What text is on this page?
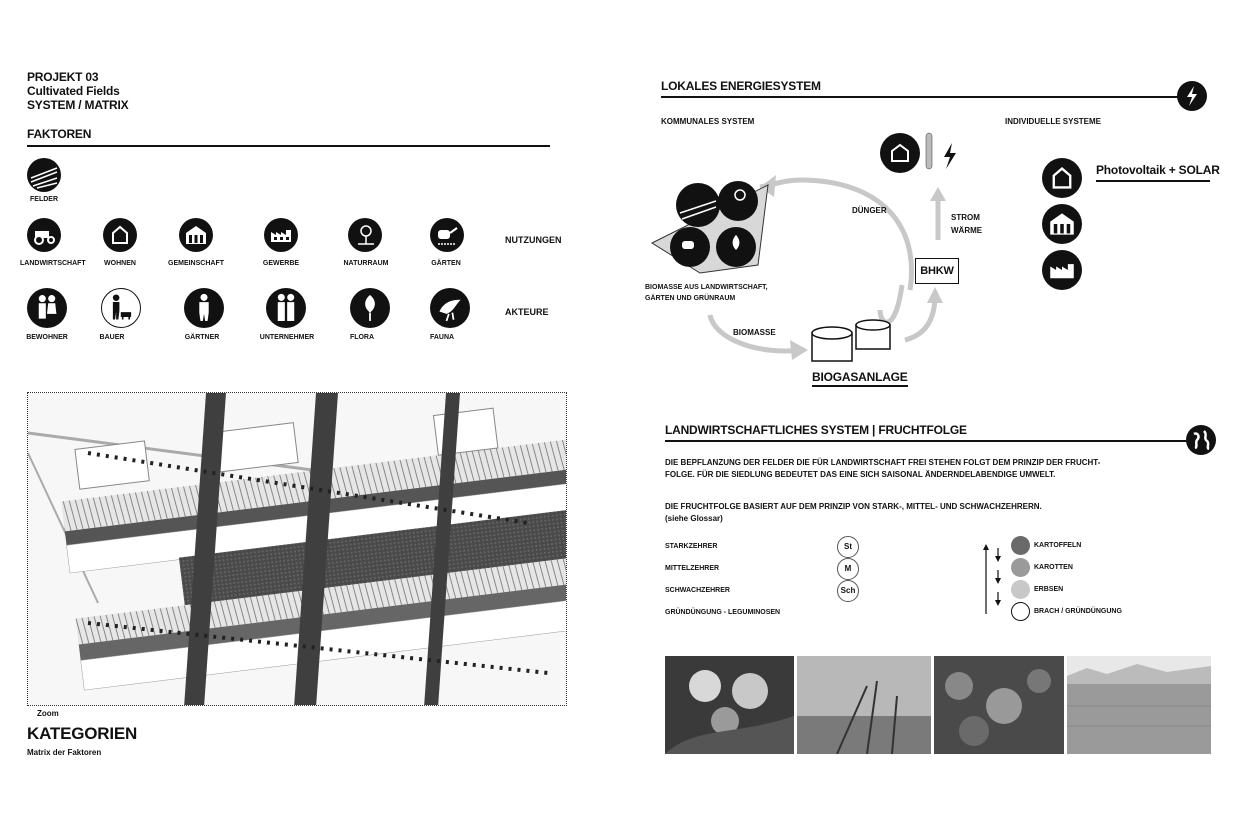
PROJEKT 03
Cultivated Fields
SYSTEM / MATRIX
FAKTOREN
FELDER
LANDWIRTSCHAFT	WOHNEN	GEMEINSCHAFT	GEWERBE	NATURRAUM	GÄRTEN
NUTZUNGEN
BEWOHNER	BAUER	GÄRTNER	UNTERNEHMER	FLORA	FAUNA
AKTEURE
Zoom
KATEGORIEN
Matrix der Faktoren
LOKALES ENERGIESYSTEM
KOMMUNALES SYSTEM	INDIVIDUELLE SYSTEME
BIOMASSE AUS LANDWIRTSCHAFT,
GÄRTEN UND GRÜNRAUM
BIOMASSE
DÜNGER
STROM
WÄRME
BHKW
BIOGASANLAGE
Photovoltaik + SOLAR
LANDWIRTSCHAFTLICHES SYSTEM | FRUCHTFOLGE
DIE BEPFLANZUNG DER FELDER DIE FÜR LANDWIRTSCHAFT FREI STEHEN FOLGT DEM PRINZIP DER FRUCHT-
FOLGE. FÜR DIE SIEDLUNG BEDEUTET DAS EINE SICH SAISONAL ÄNDERNDELABENDIGE UMWELT.
DIE FRUCHTFOLGE BASIERT AUF DEM PRINZIP VON STARK-, MITTEL- UND SCHWACHZEHRERN.
(siehe Glossar)
STARKZEHRER	St
MITTELZEHRER	M
SCHWACHZEHRER	Sch
GRÜNDÜNGUNG - LEGUMINOSEN
KARTOFFELN
KAROTTEN
ERBSEN
BRACH / GRÜNDÜNGUNG
